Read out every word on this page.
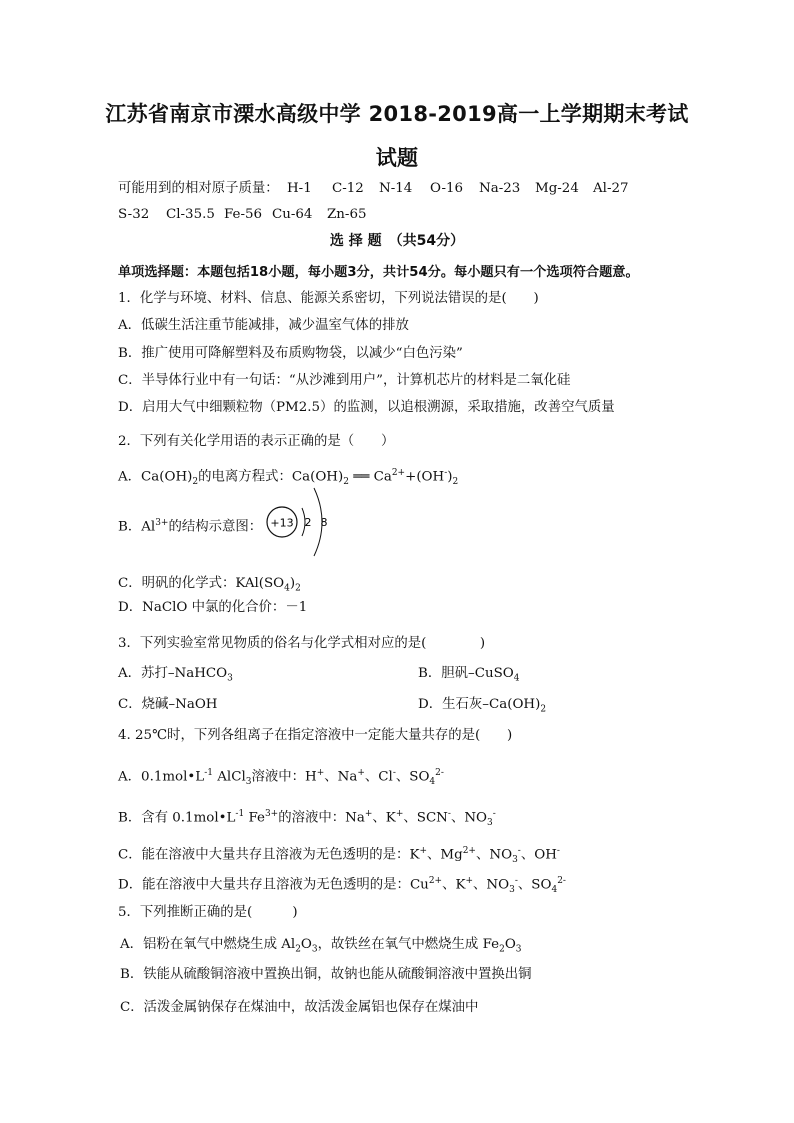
江苏省南京市溧水高级中学 2018-2019高一上学期期末考试
试题
可能用到的相对原子质量： H-1 C-12 N-14 O-16 Na-23 Mg-24 Al-27
S-32 Cl-35.5 Fe-56 Cu-64 Zn-65
选 择 题　（共54分）
单项选择题：本题包括18小题，每小题3分，共计54分。每小题只有一个选项符合题意。
1．化学与环境、材料、信息、能源关系密切，下列说法错误的是(　　)
A．低碳生活注重节能减排，减少温室气体的排放
B．推广使用可降解塑料及布质购物袋，以减少“白色污染”
C．半导体行业中有一句话：“从沙滩到用户”，计算机芯片的材料是二氧化硅
D．启用大气中细颗粒物（PM2.5）的监测，以追根溯源，采取措施，改善空气质量
2．下列有关化学用语的表示正确的是（　　）
A．$Ca(OH)_2$的电离方程式：$Ca(OH)_2$ ══ $Ca^{2+}+(OH^-)_2$
B．$Al^{3+}$的结构示意图： +13 2 8
C．明矾的化学式：$KAl(SO_4)_2$
D．NaClO 中氯的化合价：－1
3．下列实验室常见物质的俗名与化学式相对应的是(　　　　)
A．苏打–NaHCO$_3$	B．胆矾–CuSO$_4$
C．烧碱–NaOH	D．生石灰$-Ca(OH)_2$
4. 25℃时，下列各组离子在指定溶液中一定能大量共存的是(　　)
A．$0.1mol•L^{-1}$ AlCl$_3$溶液中：H+、Na+、Cl-、$SO_4^{2-}$
B．含有 $0.1mol•L^{-1}$ $Fe^{3+}$的溶液中：Na+、K+、SCN-、$NO_3^-$
C．能在溶液中大量共存且溶液为无色透明的是：K+、$Mg^{2+}$、$NO_3^-$、OH-
D．能在溶液中大量共存且溶液为无色透明的是：$Cu^{2+}$、K+、$NO_3^-$、$SO_4^{2-}$
5．下列推断正确的是(　　　)
A．铝粉在氧气中燃烧生成 $Al_2O_3$，故铁丝在氧气中燃烧生成 $Fe_2O_3$
B．铁能从硫酸铜溶液中置换出铜，故钠也能从硫酸铜溶液中置换出铜
C．活泼金属钠保存在煤油中，故活泼金属铝也保存在煤油中
